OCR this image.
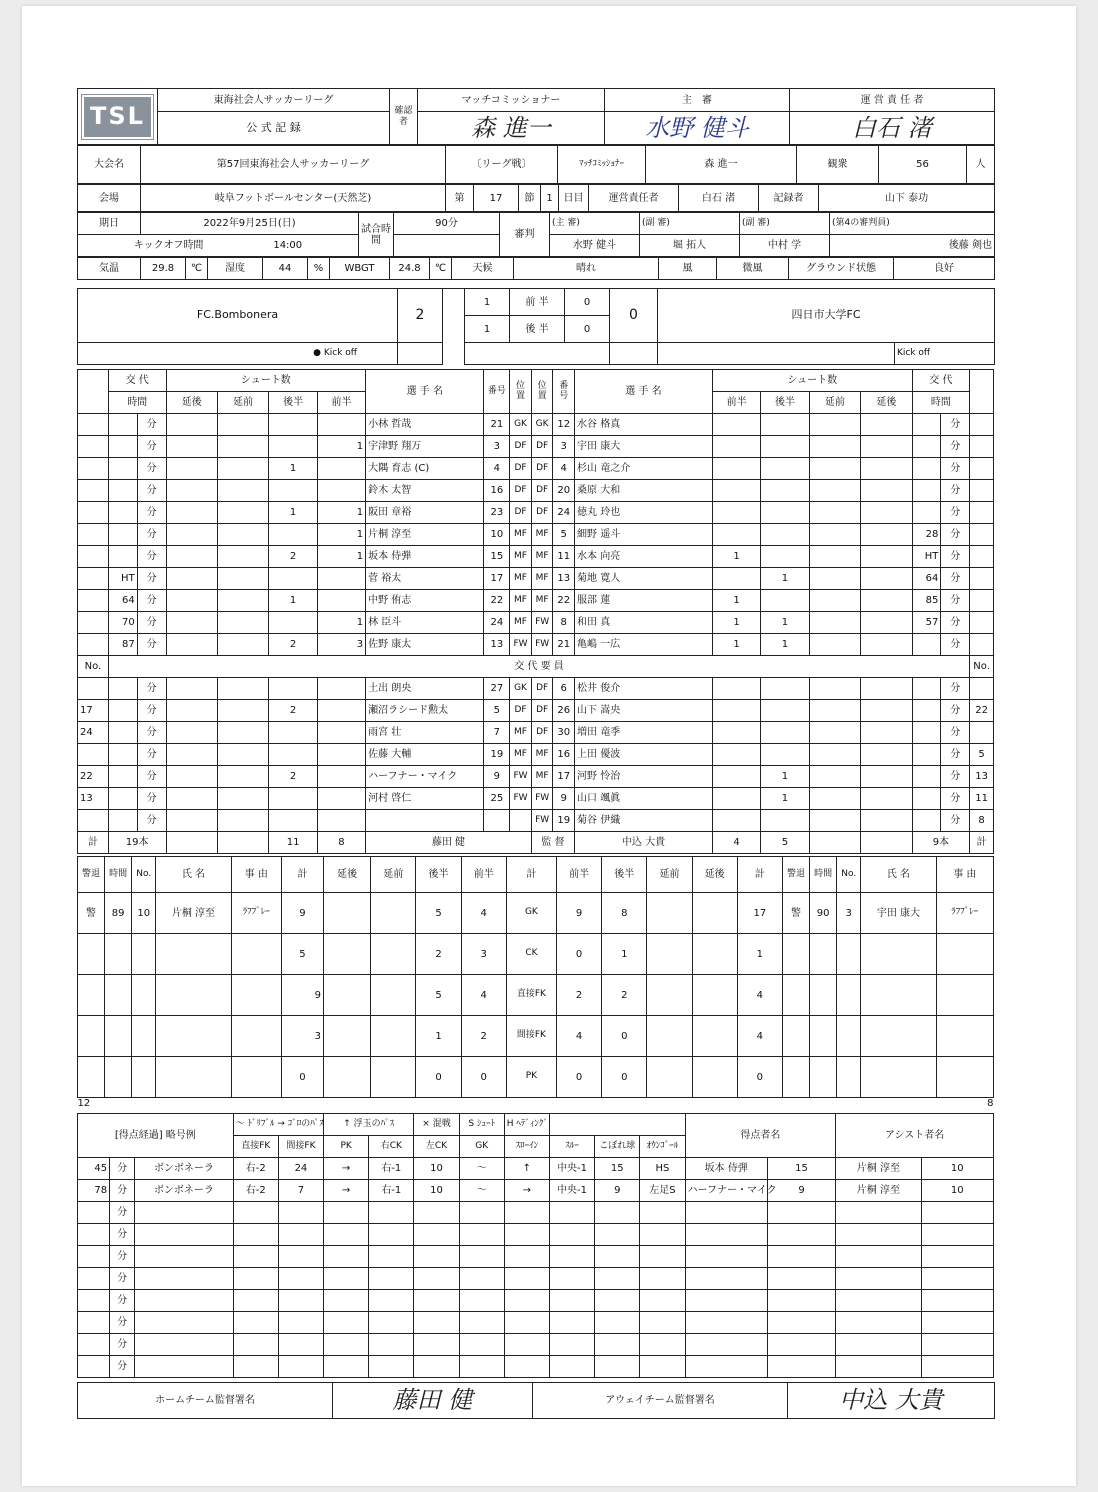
TSL	東海社会人サッカーリーグ	確認者	マッチコミッショナー	主　審	運 営 責 任 者
	公 式 記 録		森 進一	水野 健斗	白石 渚
大会名	第57回東海社会人サッカーリーグ	〔リーグ戦〕	ﾏｯﾁｺﾐｯｼｮﾅｰ	森 進一	観衆	56	人
会場	岐阜フットボールセンター(天然芝)	第	17	節	1	日目	運営責任者	白石 渚	記録者	山下 泰功
期日	2022年9月25日(日)	試合時間	90分	審判	(主 審)	(副 審)	(副 審)	(第4の審判員)
キックオフ時間　　　　　　　 14:00					水野 健斗	堀 拓人	中村 学	後藤 剣也
気温	29.8	℃	湿度	44	%	WBGT	24.8	℃	天候	晴れ	風	微風	グラウンド状態	良好
FC.Bombonera	2		1	前 半	0	0	四日市大学FC	
			1	後 半	0			
● Kick off								Kick off
	交 代		シュート数				選 手 名	番号	位置	位置	番号	選 手 名	シュート数				交 代		
	時間		延後	延前	後半	前半							前半	後半	延前	延後	時間		
		分					小林 哲哉	21	GK	GK	12	水谷 格真						分	
		分				1	宇津野 翔万	3	DF	DF	3	宇田 康大						分	
		分			1		大隅 育志 (C)	4	DF	DF	4	杉山 竜之介						分	
		分					鈴木 太智	16	DF	DF	20	桑原 大和						分	
		分			1	1	阪田 章裕	23	DF	DF	24	徳丸 玲也						分	
		分				1	片桐 淳至	10	MF	MF	5	細野 遥斗					28	分	
		分			2	1	坂本 侍弾	15	MF	MF	11	水本 向亮	1				HT	分	
	HT	分					菅 裕太	17	MF	MF	13	菊地 寛人		1			64	分	
	64	分			1		中野 侑志	22	MF	MF	22	服部 蓮	1				85	分	
	70	分				1	林 臣斗	24	MF	FW	8	和田 真	1	1			57	分	
	87	分			2	3	佐野 康太	13	FW	FW	21	亀嶋 一広	1	1				分	
No.	交 代 要 員																		No.
		分					土出 朗央	27	GK	DF	6	松井 俊介						分	
17		分			2		瀬沼ラシード勲太	5	DF	DF	26	山下 嵩央						分	22
24		分					雨宮 壮	7	MF	DF	30	増田 竜季						分	
		分					佐藤 大輔	19	MF	MF	16	上田 優波						分	5
22		分			2		ハーフナー・マイク	9	FW	MF	17	河野 怜治		1				分	13
13		分					河村 啓仁	25	FW	FW	9	山口 颯眞		1				分	11
		分								FW	19	菊谷 伊織						分	8
計	19本				11	8	藤田 健			監 督		中込 大貴	4	5			9本		計
警退	時間	No.	氏 名	事 由	計	延後	延前	後半	前半	計	前半	後半	延前	延後	計	警退	時間	No.	氏 名	事 由
警	89	10	片桐 淳至	ﾗﾌﾌﾟﾚｰ	9			5	4	GK	9	8			17	警	90	3	宇田 康大	ﾗﾌﾌﾟﾚｰ
					5			2	3	CK	0	1			1					
					9			5	4	直接FK	2	2			4					
					3			1	2	間接FK	4	0			4					
					0			0	0	PK	0	0			0					
12										8										
[得点経過] 略号例			～ ﾄﾞﾘﾌﾞﾙ → ｺﾞﾛのﾊﾟｽ		↑ 浮玉のﾊﾟｽ		× 混戦	S ｼｭｰﾄ	H ﾍﾃﾞｨﾝｸﾞ				得点者名		アシスト者名	
			直接FK	間接FK	PK	右CK	左CK	GK	ｽﾛｰｲﾝ	ｽﾙｰ	こぼれ球	ｵｳﾝｺﾞｰﾙ				
45	分	ボンボネーラ	右-2	24	→	右-1	10	～	↑	中央-1	15	HS	坂本 侍弾	15	片桐 淳至	10
78	分	ボンボネーラ	右-2	7	→	右-1	10	～	→	中央-1	9	左足S	ハーフナー・マイク	9	片桐 淳至	10
	分															
	分															
	分															
	分															
	分															
	分															
	分															
	分															
ホームチーム監督署名	藤田 健	アウェイチーム監督署名	中込 大貴
